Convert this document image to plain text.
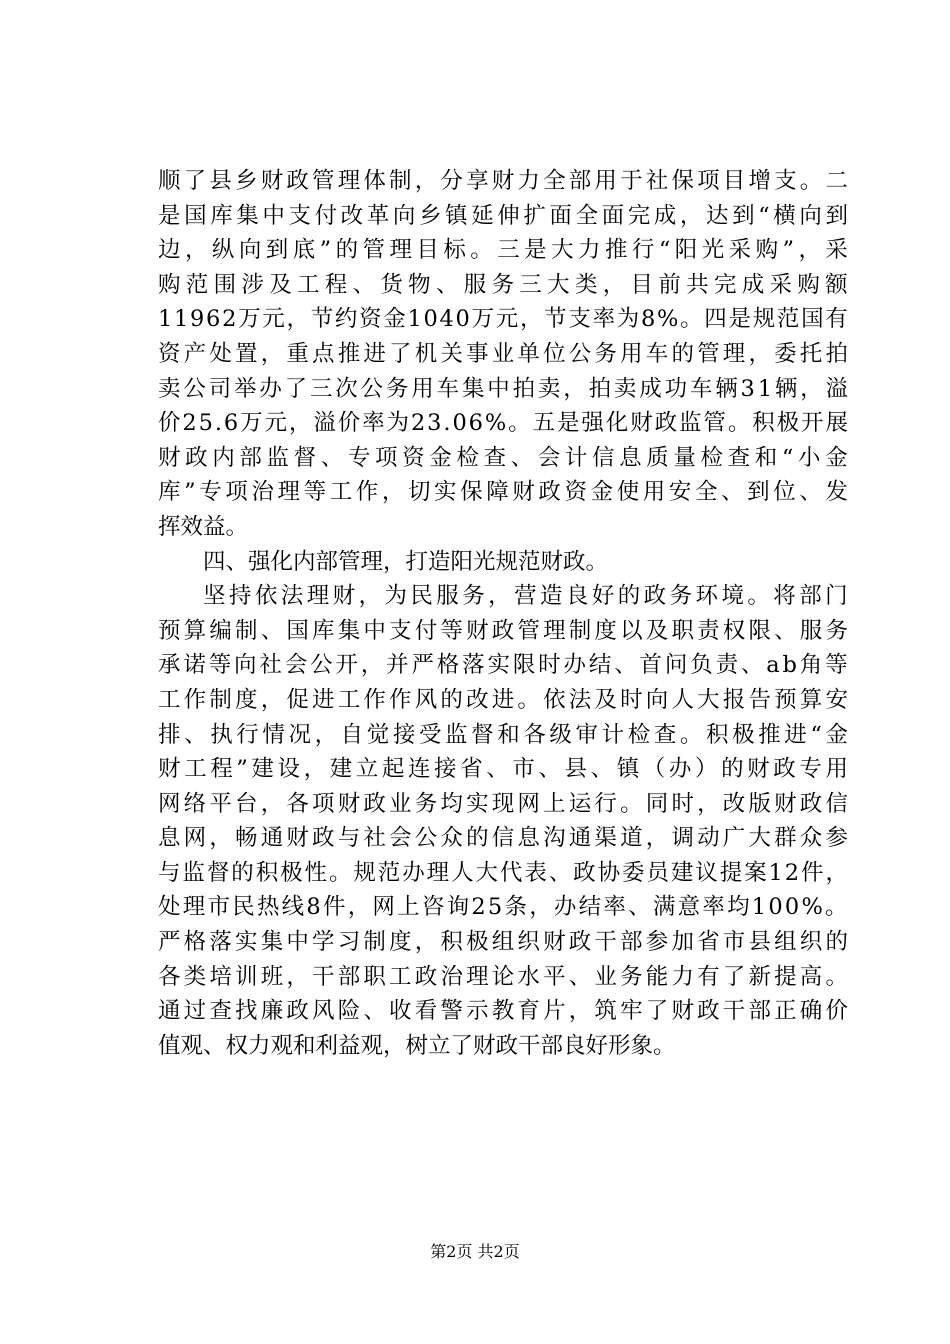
顺 了 县 乡 财 政 管 理 体 制 ， 分 享 财 力 全 部 用 于 社 保 项 目 增 支 。 二
是 国 库 集 中 支 付 改 革 向 乡 镇 延 伸 扩 面 全 面 完 成 ， 达 到 “ 横 向 到
边 ， 纵 向 到 底 ” 的 管 理 目 标 。 三 是 大 力 推 行 “ 阳 光 采 购 ” ， 采
购 范 围 涉 及 工 程 、 货 物 、 服 务 三 大 类 ， 目 前 共 完 成 采 购 额
1 1 9 6 2 万 元 ， 节 约 资 金 1 0 4 0 万 元 ， 节 支 率 为 8 % 。 四 是 规 范 国 有
资 产 处 置 ， 重 点 推 进 了 机 关 事 业 单 位 公 务 用 车 的 管 理 ， 委 托 拍
卖 公 司 举 办 了 三 次 公 务 用 车 集 中 拍 卖 ， 拍 卖 成 功 车 辆 3 1 辆 ， 溢
价 2 5 . 6 万 元 ， 溢 价 率 为 2 3 . 0 6 % 。 五 是 强 化 财 政 监 管 。 积 极 开 展
财 政 内 部 监 督 、 专 项 资 金 检 查 、 会 计 信 息 质 量 检 查 和 “ 小 金
库 ” 专 项 治 理 等 工 作 ， 切 实 保 障 财 政 资 金 使 用 安 全 、 到 位 、 发
挥效益。
四、强化内部管理，打造阳光规范财政。
坚 持 依 法 理 财 ， 为 民 服 务 ， 营 造 良 好 的 政 务 环 境 。 将 部 门
预 算 编 制 、 国 库 集 中 支 付 等 财 政 管 理 制 度 以 及 职 责 权 限 、 服 务
承 诺 等 向 社 会 公 开 ， 并 严 格 落 实 限 时 办 结 、 首 问 负 责 、 a b 角 等
工 作 制 度 ， 促 进 工 作 作 风 的 改 进 。 依 法 及 时 向 人 大 报 告 预 算 安
排 、 执 行 情 况 ， 自 觉 接 受 监 督 和 各 级 审 计 检 查 。 积 极 推 进 “ 金
财 工 程 ” 建 设 ， 建 立 起 连 接 省 、 市 、 县 、 镇 （ 办 ） 的 财 政 专 用
网 络 平 台 ， 各 项 财 政 业 务 均 实 现 网 上 运 行 。 同 时 ， 改 版 财 政 信
息 网 ， 畅 通 财 政 与 社 会 公 众 的 信 息 沟 通 渠 道 ， 调 动 广 大 群 众 参
与 监 督 的 积 极 性 。 规 范 办 理 人 大 代 表 、 政 协 委 员 建 议 提 案 1 2 件 ，
处 理 市 民 热 线 8 件 ， 网 上 咨 询 2 5 条 ， 办 结 率 、 满 意 率 均 1 0 0 % 。
严 格 落 实 集 中 学 习 制 度 ， 积 极 组 织 财 政 干 部 参 加 省 市 县 组 织 的
各 类 培 训 班 ， 干 部 职 工 政 治 理 论 水 平 、 业 务 能 力 有 了 新 提 高 。
通 过 查 找 廉 政 风 险 、 收 看 警 示 教 育 片 ， 筑 牢 了 财 政 干 部 正 确 价
值观、权力观和利益观，树立了财政干部良好形象。
第2页 共2页
